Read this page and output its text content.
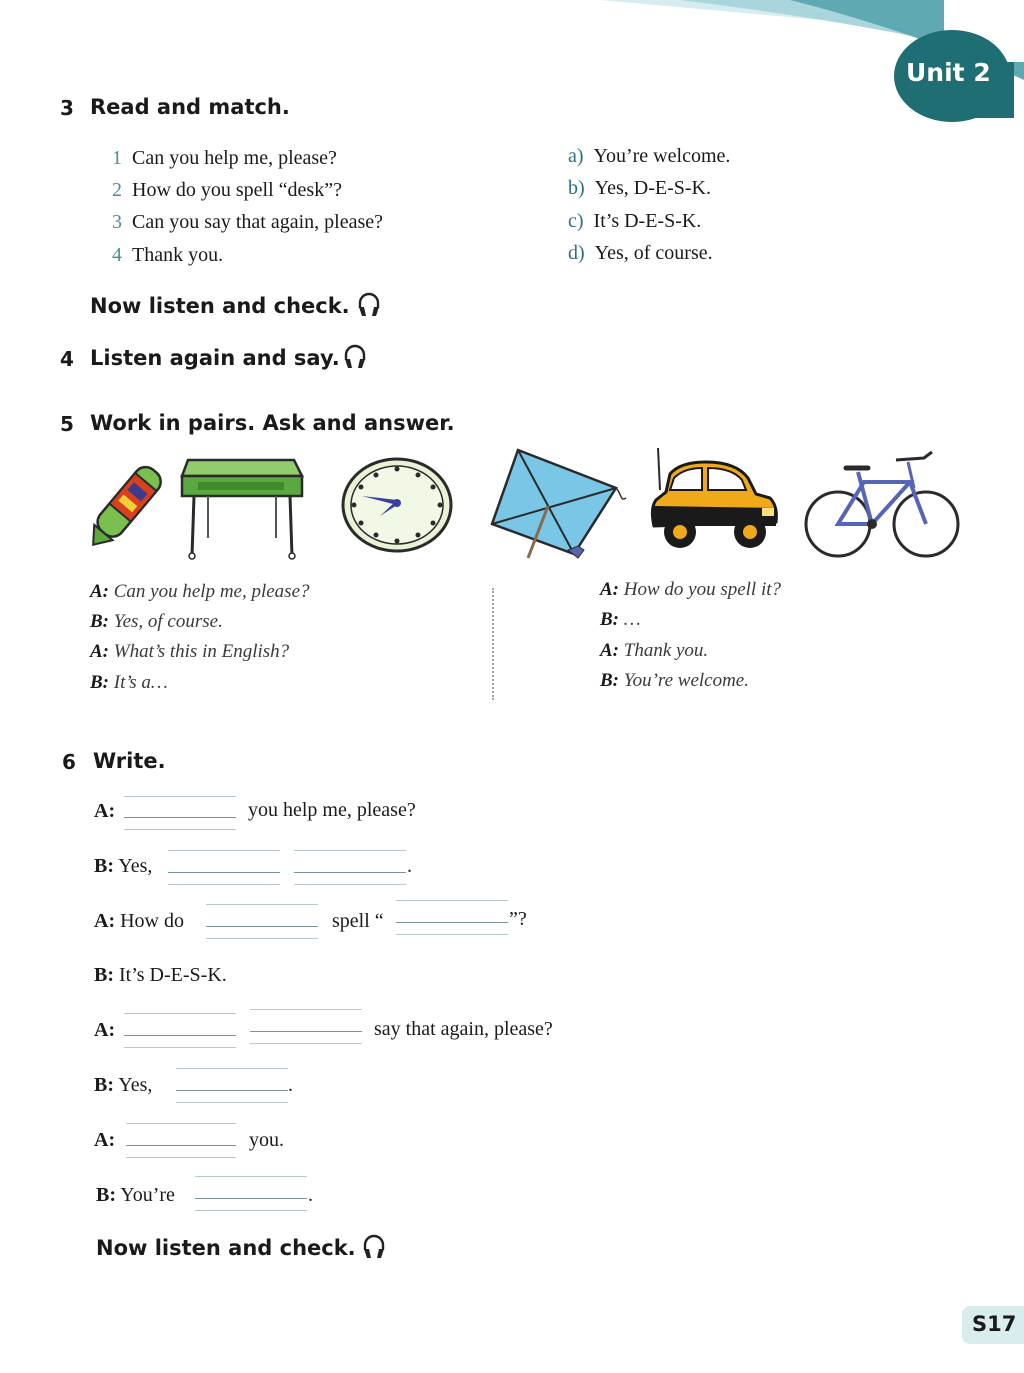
Unit 2
3 Read and match.
1 Can you help me, please?
2 How do you spell “desk”?
3 Can you say that again, please?
4 Thank you.
a) You’re welcome.
b) Yes, D-E-S-K.
c) It’s D-E-S-K.
d) Yes, of course.
Now listen and check.
4 Listen again and say.
5 Work in pairs. Ask and answer.
A: Can you help me, please?
B: Yes, of course.
A: What’s this in English?
B: It’s a…
A: How do you spell it?
B: …
A: Thank you.
B: You’re welcome.
6 Write.
A:	you help me, please?
B: Yes,	.
A: How do	spell “	”?
B: It’s D-E-S-K.
A:	say that again, please?
B: Yes,	.
A:	you.
B: You’re	.
Now listen and check.
S17
